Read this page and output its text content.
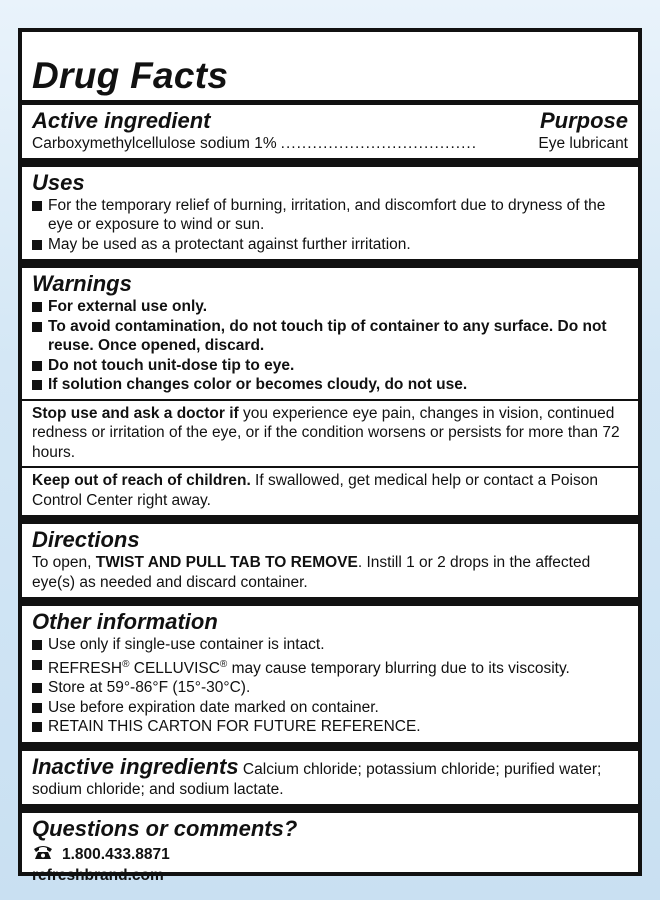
Drug Facts
Active ingredient	Purpose
Carboxymethylcellulose sodium 1% .....................................	Eye lubricant
Uses
For the temporary relief of burning, irritation, and discomfort due to dryness of the eye or exposure to wind or sun.
May be used as a protectant against further irritation.
Warnings
For external use only.
To avoid contamination, do not touch tip of container to any surface. Do not reuse. Once opened, discard.
Do not touch unit-dose tip to eye.
If solution changes color or becomes cloudy, do not use.
Stop use and ask a doctor if you experience eye pain, changes in vision, continued redness or irritation of the eye, or if the condition worsens or persists for more than 72 hours.
Keep out of reach of children. If swallowed, get medical help or contact a Poison Control Center right away.
Directions
To open, TWIST AND PULL TAB TO REMOVE. Instill 1 or 2 drops in the affected eye(s) as needed and discard container.
Other information
Use only if single-use container is intact.
REFRESH® CELLUVISC® may cause temporary blurring due to its viscosity.
Store at 59°-86°F (15°-30°C).
Use before expiration date marked on container.
RETAIN THIS CARTON FOR FUTURE REFERENCE.
Inactive ingredients Calcium chloride; potassium chloride; purified water; sodium chloride; and sodium lactate.
Questions or comments?
1.800.433.8871
refreshbrand.com
